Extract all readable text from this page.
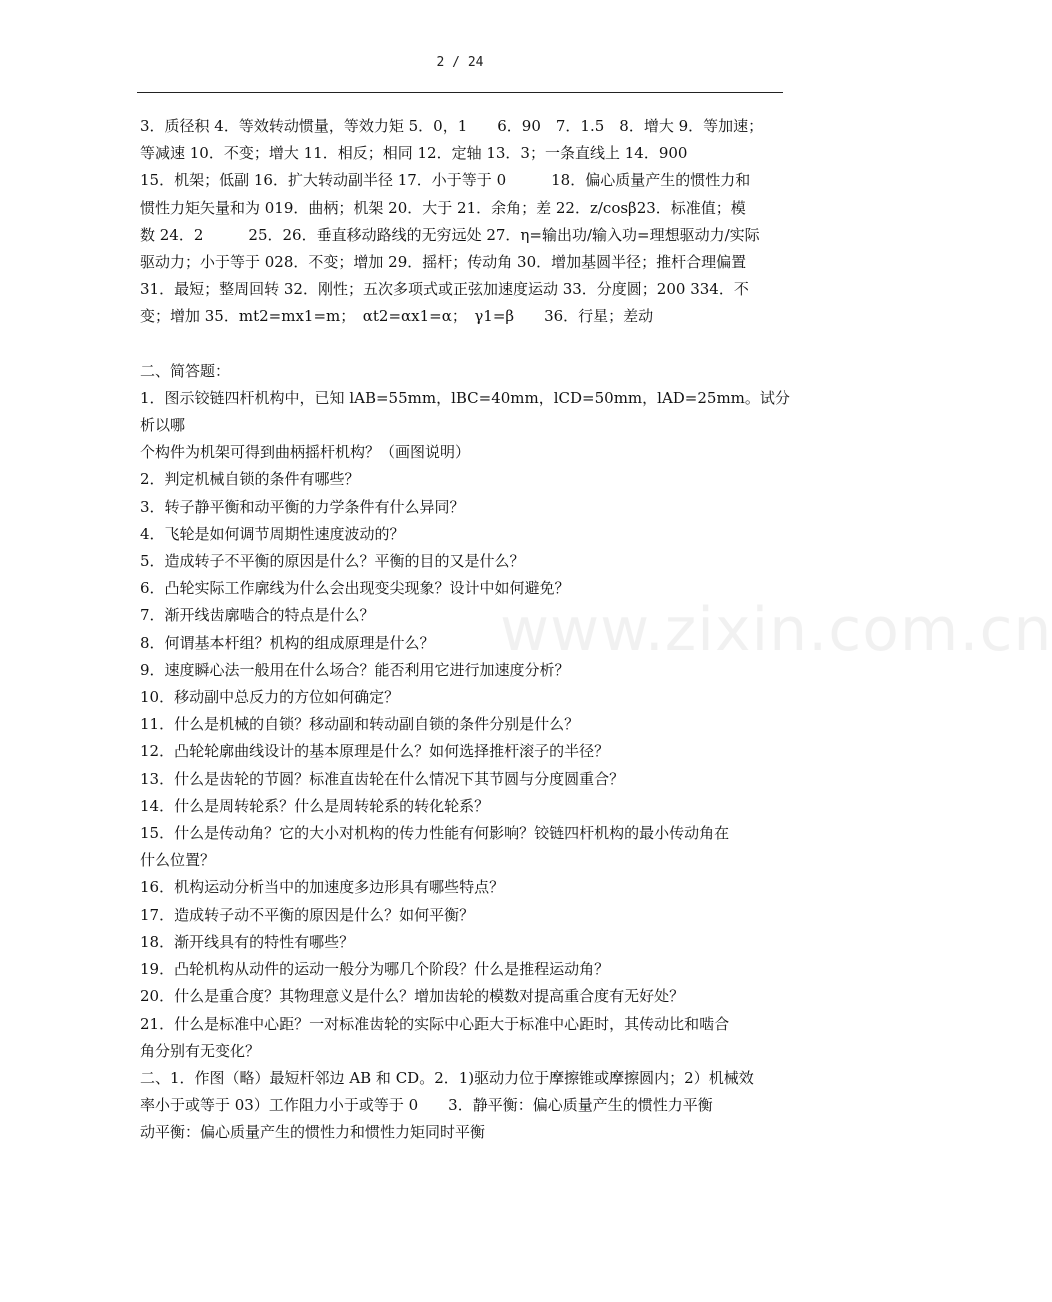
2 / 24
www.zixin.com.cn

3．质径积 4．等效转动惯量，等效力矩 5．0，1　　6．90　7．1.5　8．增大 9．等加速；

等减速 10．不变；增大 11．相反；相同 12．定轴 13．3；一条直线上 14．900

15．机架；低副 16．扩大转动副半径 17．小于等于 0　　　18．偏心质量产生的惯性力和

惯性力矩矢量和为 019．曲柄；机架 20．大于 21．余角；差 22．z/cosβ23．标准值；模

数 24．2　　　25．26．垂直移动路线的无穷远处 27．η=输出功/输入功=理想驱动力/实际

驱动力；小于等于 028．不变；增加 29．摇杆；传动角 30．增加基圆半径；推杆合理偏置

31．最短；整周回转 32．刚性；五次多项式或正弦加速度运动 33．分度圆；200 334．不

变；增加 35．mt2=mx1=m；　αt2=αx1=α；　γ1=β　　36．行星；差动

二、简答题：

1．图示铰链四杆机构中，已知 lAB=55mm，lBC=40mm，lCD=50mm，lAD=25mm。试分析以哪

个构件为机架可得到曲柄摇杆机构？（画图说明）

2．判定机械自锁的条件有哪些？

3．转子静平衡和动平衡的力学条件有什么异同？

4．飞轮是如何调节周期性速度波动的？

5．造成转子不平衡的原因是什么？平衡的目的又是什么？

6．凸轮实际工作廓线为什么会出现变尖现象？设计中如何避免？

7．渐开线齿廓啮合的特点是什么？

8．何谓基本杆组？机构的组成原理是什么？

9．速度瞬心法一般用在什么场合？能否利用它进行加速度分析？

10．移动副中总反力的方位如何确定？

11．什么是机械的自锁？移动副和转动副自锁的条件分别是什么？

12．凸轮轮廓曲线设计的基本原理是什么？如何选择推杆滚子的半径？

13．什么是齿轮的节圆？标准直齿轮在什么情况下其节圆与分度圆重合？

14．什么是周转轮系？什么是周转轮系的转化轮系？

15．什么是传动角？它的大小对机构的传力性能有何影响？铰链四杆机构的最小传动角在

什么位置？

16．机构运动分析当中的加速度多边形具有哪些特点？

17．造成转子动不平衡的原因是什么？如何平衡？

18．渐开线具有的特性有哪些？

19．凸轮机构从动件的运动一般分为哪几个阶段？什么是推程运动角？

20．什么是重合度？其物理意义是什么？增加齿轮的模数对提高重合度有无好处？

21．什么是标准中心距？一对标准齿轮的实际中心距大于标准中心距时，其传动比和啮合

角分别有无变化？

二、1．作图（略）最短杆邻边 AB 和 CD。2．1)驱动力位于摩擦锥或摩擦圆内；2）机械效

率小于或等于 03）工作阻力小于或等于 0　　3．静平衡：偏心质量产生的惯性力平衡

动平衡：偏心质量产生的惯性力和惯性力矩同时平衡
